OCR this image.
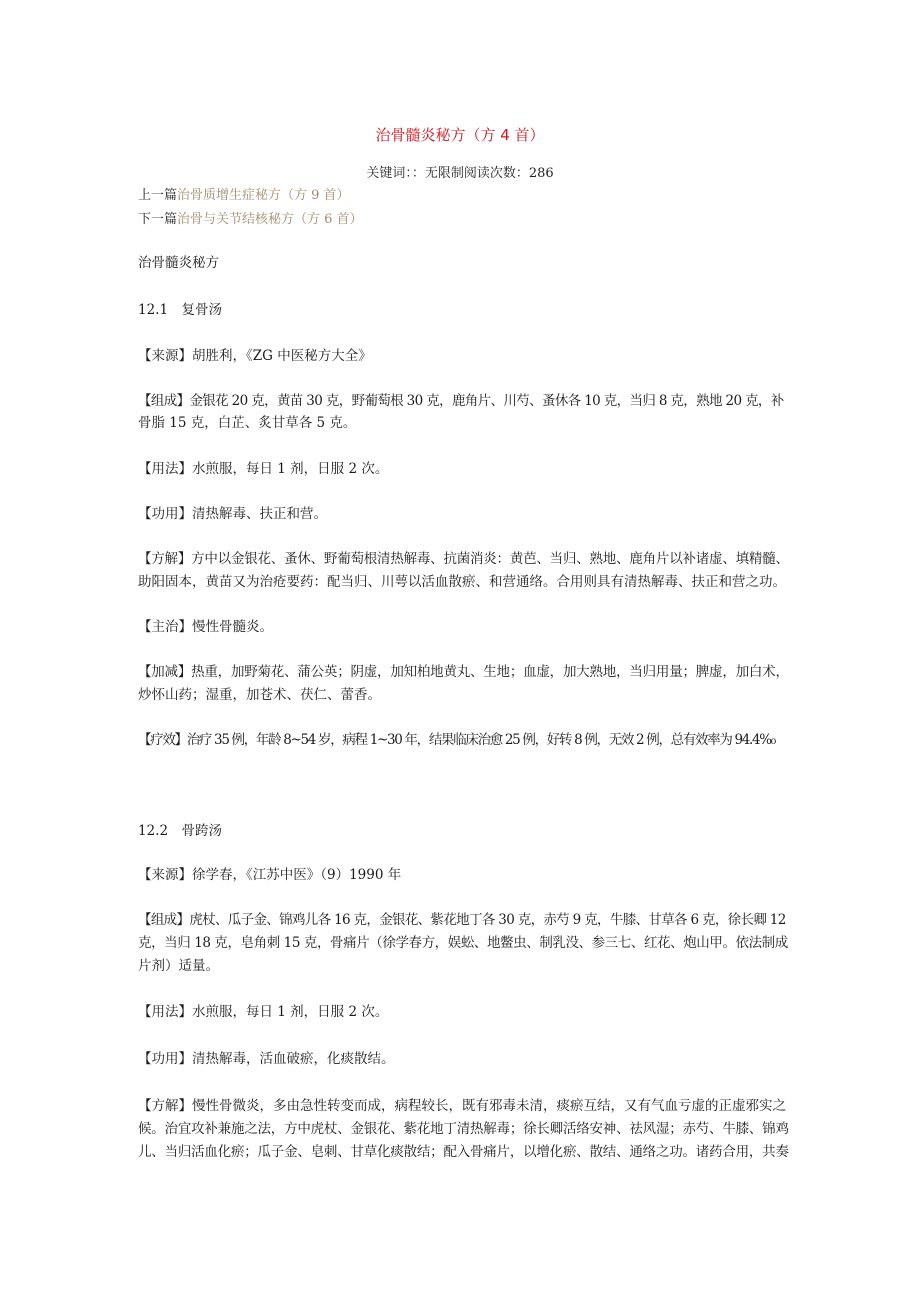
治骨髓炎秘方（方 4 首）
关键词：：无限制阅读次数：286
上一篇治骨质增生症秘方（方 9 首）
下一篇治骨与关节结核秘方（方 6 首）
治骨髓炎秘方
12.1　复骨汤
【来源】胡胜利，《ZG 中医秘方大全》
【组成】金银花 20 克，黄苗 30 克，野葡萄根 30 克，鹿角片、川芍、蚤休各 10 克，当归 8 克，熟地 20 克，补
骨脂 15 克，白芷、炙甘草各 5 克。
【用法】水煎服，每日 1 剂，日服 2 次。
【功用】清热解毒、扶正和营。
【方解】方中以金银花、蚤休、野葡萄根清热解毒、抗菌消炎：黄芭、当归、熟地、鹿角片以补诸虚、填精髓、
助阳固本，黄苗又为治疮要药：配当归、川萼以活血散瘀、和营通络。合用则具有清热解毒、扶正和营之功。
【主治】慢性骨髓炎。
【加减】热重，加野菊花、蒲公英；阴虚，加知柏地黄丸、生地；血虚，加大熟地，当归用量；脾虚，加白术，
炒怀山药；湿重，加苍术、茯仁、蕾香。
【疗效】治疗 35 例，年龄 8~54 岁，病程 1~30 年，结果临床治愈 25 例，好转 8 例，无效 2 例，总有效率为 94.4%₀
12.2　骨跨汤
【来源】徐学春，《江苏中医》（9）1990 年
【组成】虎杖、瓜子金、锦鸡儿各 16 克，金银花、紫花地丁各 30 克，赤芍 9 克，牛膝、甘草各 6 克，徐长卿 12
克，当归 18 克，皂角刺 15 克，骨痛片（徐学春方，娱蚣、地鳖虫、制乳没、参三七、红花、炮山甲。依法制成
片剂）适量。
【用法】水煎服，每日 1 剂，日服 2 次。
【功用】清热解毒，活血破瘀，化痰散结。
【方解】慢性骨微炎，多由急性转变而成，病程较长，既有邪毒未清，痰瘀互结，又有气血亏虚的正虚邪实之
候。治宜攻补兼施之法，方中虎杖、金银花、紫花地丁清热解毒；徐长卿活络安神、祛风湿；赤芍、牛膝、锦鸡
儿、当归活血化瘀；瓜子金、皂刺、甘草化痰散结；配入骨痛片，以增化瘀、散结、通络之功。诸药合用，共奏
